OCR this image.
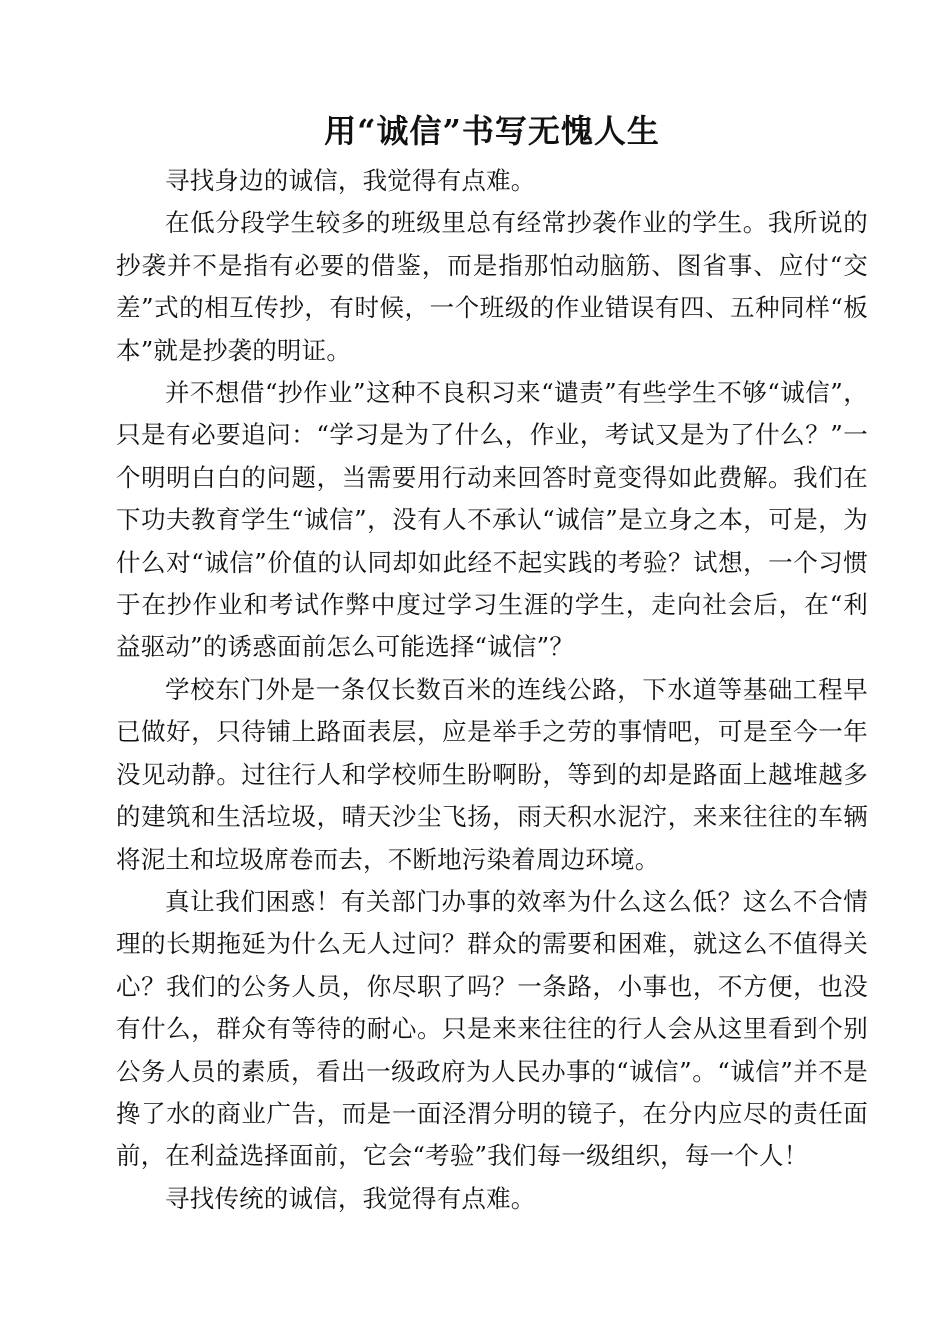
用“诚信”书写无愧人生

寻找身边的诚信，我觉得有点难。

在低分段学生较多的班级里总有经常抄袭作业的学生。我所说的抄袭并不是指有必要的借鉴，而是指那怕动脑筋、图省事、应付“交差”式的相互传抄，有时候，一个班级的作业错误有四、五种同样“板本”就是抄袭的明证。

并不想借“抄作业”这种不良积习来“谴责”有些学生不够“诚信”，只是有必要追问：“学习是为了什么，作业，考试又是为了什么？”一个明明白白的问题，当需要用行动来回答时竟变得如此费解。我们在下功夫教育学生“诚信”，没有人不承认“诚信”是立身之本，可是，为什么对“诚信”价值的认同却如此经不起实践的考验？试想，一个习惯于在抄作业和考试作弊中度过学习生涯的学生，走向社会后，在“利益驱动”的诱惑面前怎么可能选择“诚信”？

学校东门外是一条仅长数百米的连线公路，下水道等基础工程早已做好，只待铺上路面表层，应是举手之劳的事情吧，可是至今一年没见动静。过往行人和学校师生盼啊盼，等到的却是路面上越堆越多的建筑和生活垃圾，晴天沙尘飞扬，雨天积水泥泞，来来往往的车辆将泥土和垃圾席卷而去，不断地污染着周边环境。

真让我们困惑！有关部门办事的效率为什么这么低？这么不合情理的长期拖延为什么无人过问？群众的需要和困难，就这么不值得关心？我们的公务人员，你尽职了吗？一条路，小事也，不方便，也没有什么，群众有等待的耐心。只是来来往往的行人会从这里看到个别公务人员的素质，看出一级政府为人民办事的“诚信”。“诚信”并不是搀了水的商业广告，而是一面泾渭分明的镜子，在分内应尽的责任面前，在利益选择面前，它会“考验”我们每一级组织，每一个人！

寻找传统的诚信，我觉得有点难。
